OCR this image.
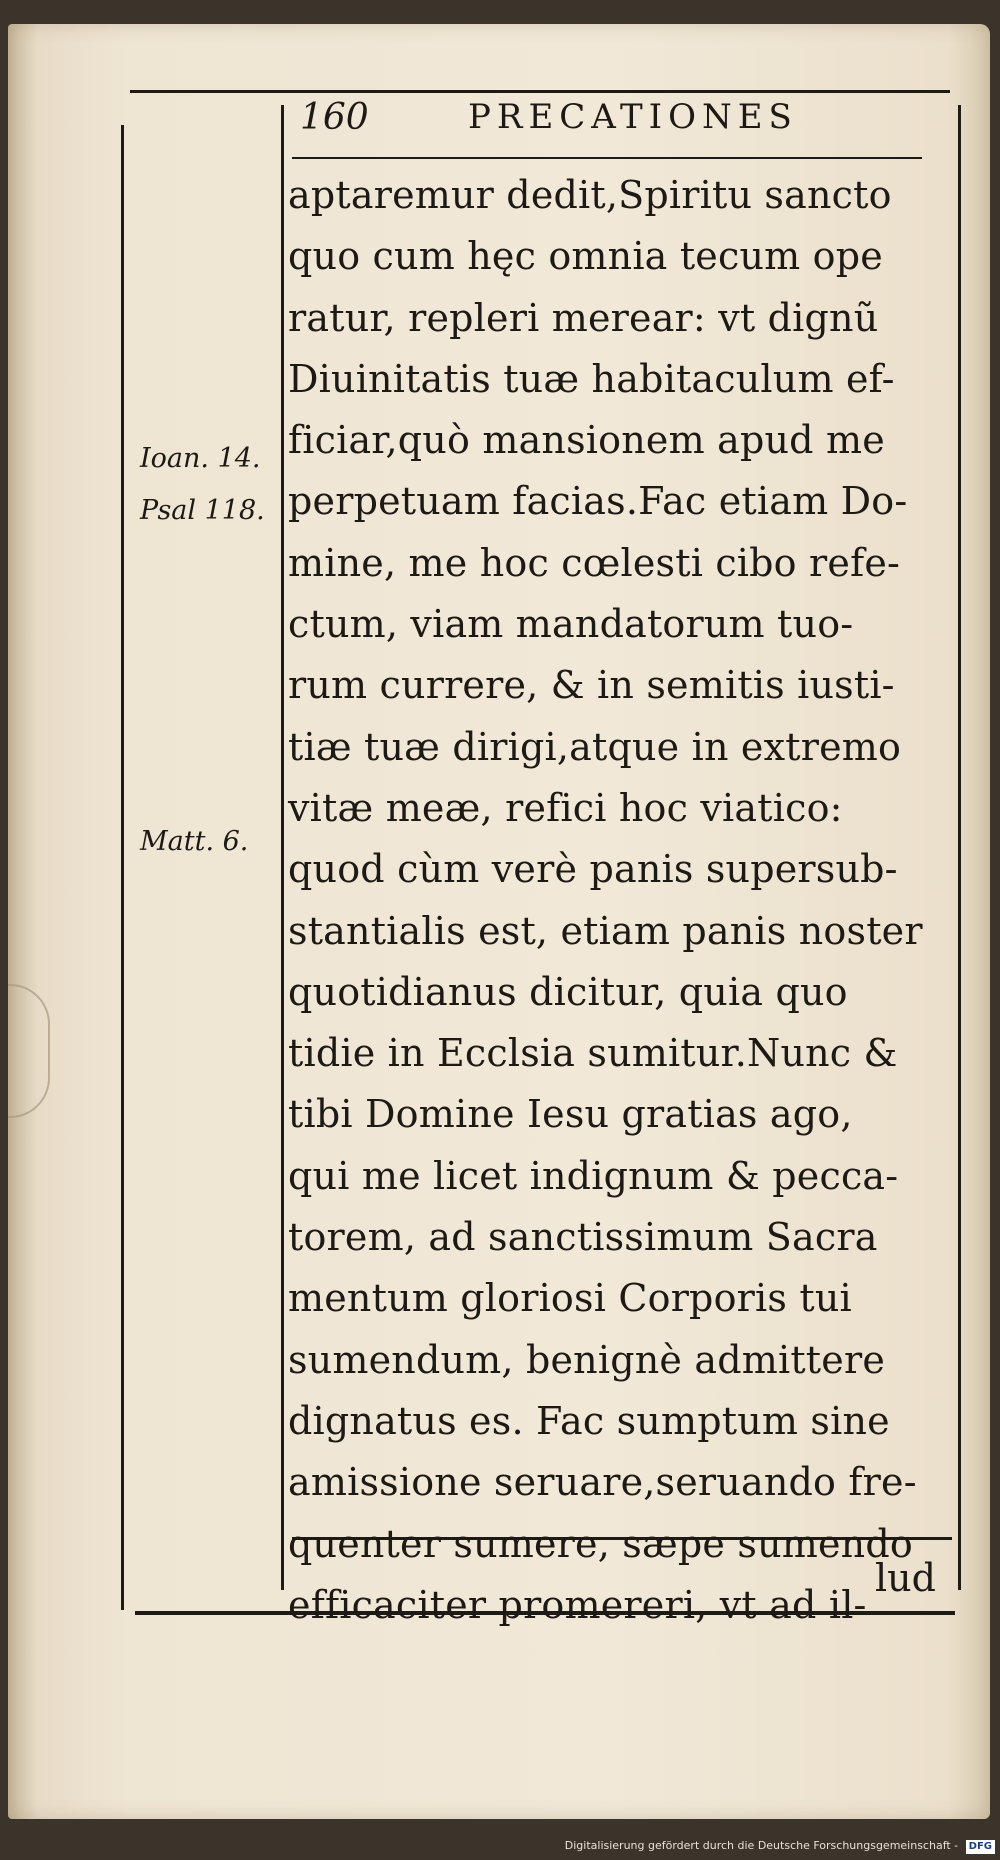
160	PRECATIONES
Ioan. 14.
Psal 118.
Matt. 6.
aptaremur dedit,Spiritu sancto
quo cum hęc omnia tecum ope
ratur, repleri merear: vt dignũ
Diuinitatis tuæ habitaculum ef-
ficiar,quò mansionem apud me
perpetuam facias.Fac etiam Do-
mine, me hoc cœlesti cibo refe-
ctum, viam mandatorum tuo-
rum currere, & in semitis iusti-
tiæ tuæ dirigi,atque in extremo
vitæ meæ, refici hoc viatico:
quod cùm verè panis supersub-
stantialis est, etiam panis noster
quotidianus dicitur, quia quo
tidie in Ecclsia sumitur.Nunc &
tibi Domine Iesu gratias ago,
qui me licet indignum & pecca-
torem, ad sanctissimum Sacra
mentum gloriosi Corporis tui
sumendum, benignè admittere
dignatus es. Fac sumptum sine
amissione seruare,seruando fre-
quenter sumere, sæpe sumendo
efficaciter promereri, vt ad il-
lud
Digitalisierung gefördert durch die Deutsche Forschungsgemeinschaft - DFG
